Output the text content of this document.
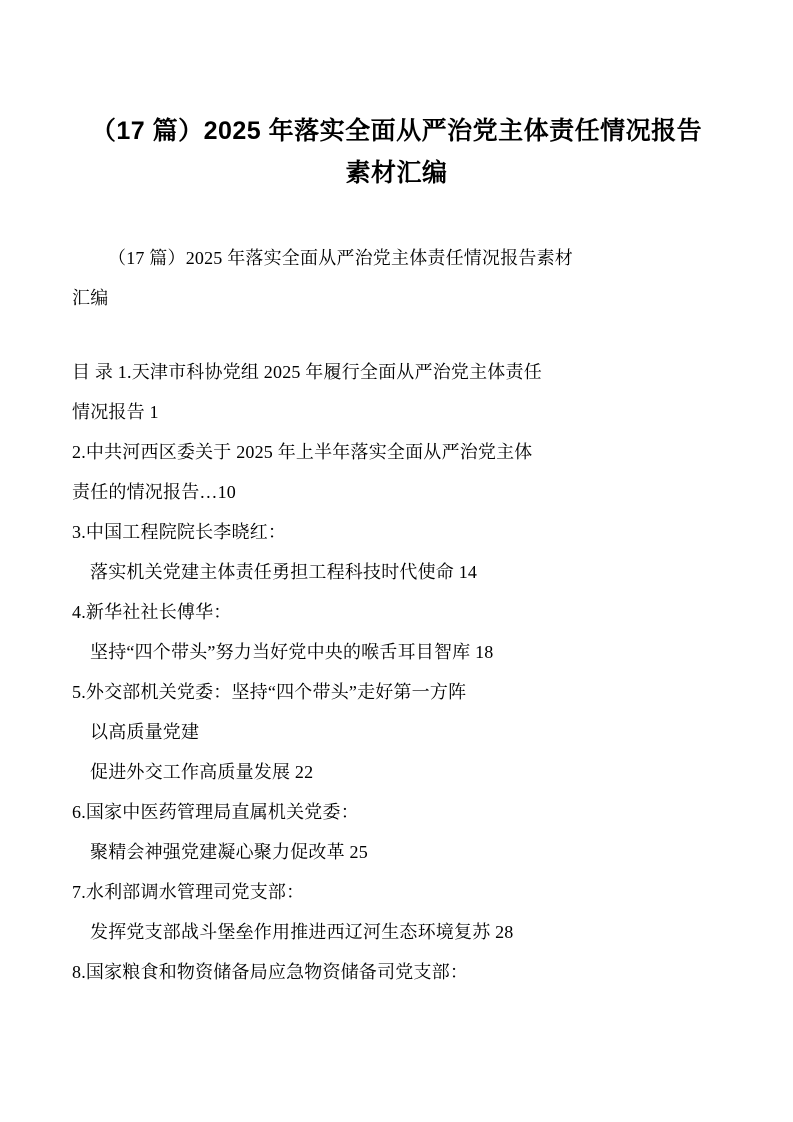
（17 篇）2025 年落实全面从严治党主体责任情况报告素材汇编

（17 篇）2025 年落实全面从严治党主体责任情况报告素材

汇编

目 录 1.天津市科协党组 2025 年履行全面从严治党主体责任

情况报告 1

2.中共河西区委关于 2025 年上半年落实全面从严治党主体

责任的情况报告…10

3.中国工程院院长李晓红：

落实机关党建主体责任勇担工程科技时代使命 14

4.新华社社长傅华：

坚持“四个带头”努力当好党中央的喉舌耳目智库 18

5.外交部机关党委：坚持“四个带头”走好第一方阵

以高质量党建

促进外交工作高质量发展 22

6.国家中医药管理局直属机关党委：

聚精会神强党建凝心聚力促改革 25

7.水利部调水管理司党支部：

发挥党支部战斗堡垒作用推进西辽河生态环境复苏 28

8.国家粮食和物资储备局应急物资储备司党支部：
